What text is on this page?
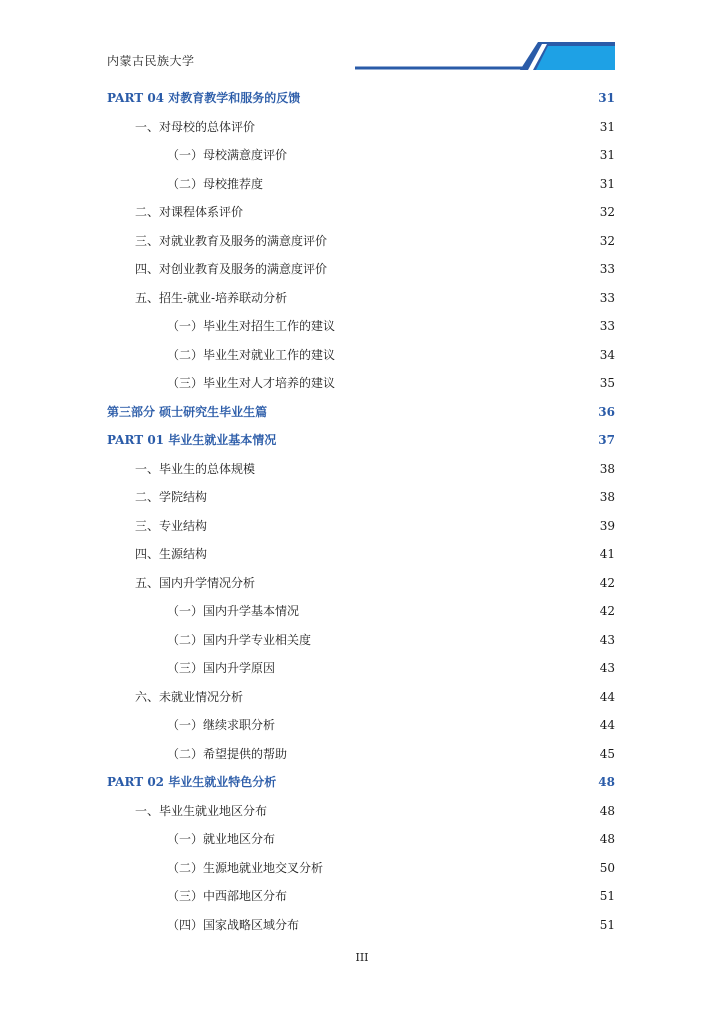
内蒙古民族大学
PART 04 对教育教学和服务的反馈	31
一、对母校的总体评价	31
（一）母校满意度评价	31
（二）母校推荐度	31
二、对课程体系评价	32
三、对就业教育及服务的满意度评价	32
四、对创业教育及服务的满意度评价	33
五、招生-就业-培养联动分析	33
（一）毕业生对招生工作的建议	33
（二）毕业生对就业工作的建议	34
（三）毕业生对人才培养的建议	35
第三部分 硕士研究生毕业生篇	36
PART 01 毕业生就业基本情况	37
一、毕业生的总体规模	38
二、学院结构	38
三、专业结构	39
四、生源结构	41
五、国内升学情况分析	42
（一）国内升学基本情况	42
（二）国内升学专业相关度	43
（三）国内升学原因	43
六、未就业情况分析	44
（一）继续求职分析	44
（二）希望提供的帮助	45
PART 02 毕业生就业特色分析	48
一、毕业生就业地区分布	48
（一）就业地区分布	48
（二）生源地就业地交叉分析	50
（三）中西部地区分布	51
（四）国家战略区域分布	51
III
